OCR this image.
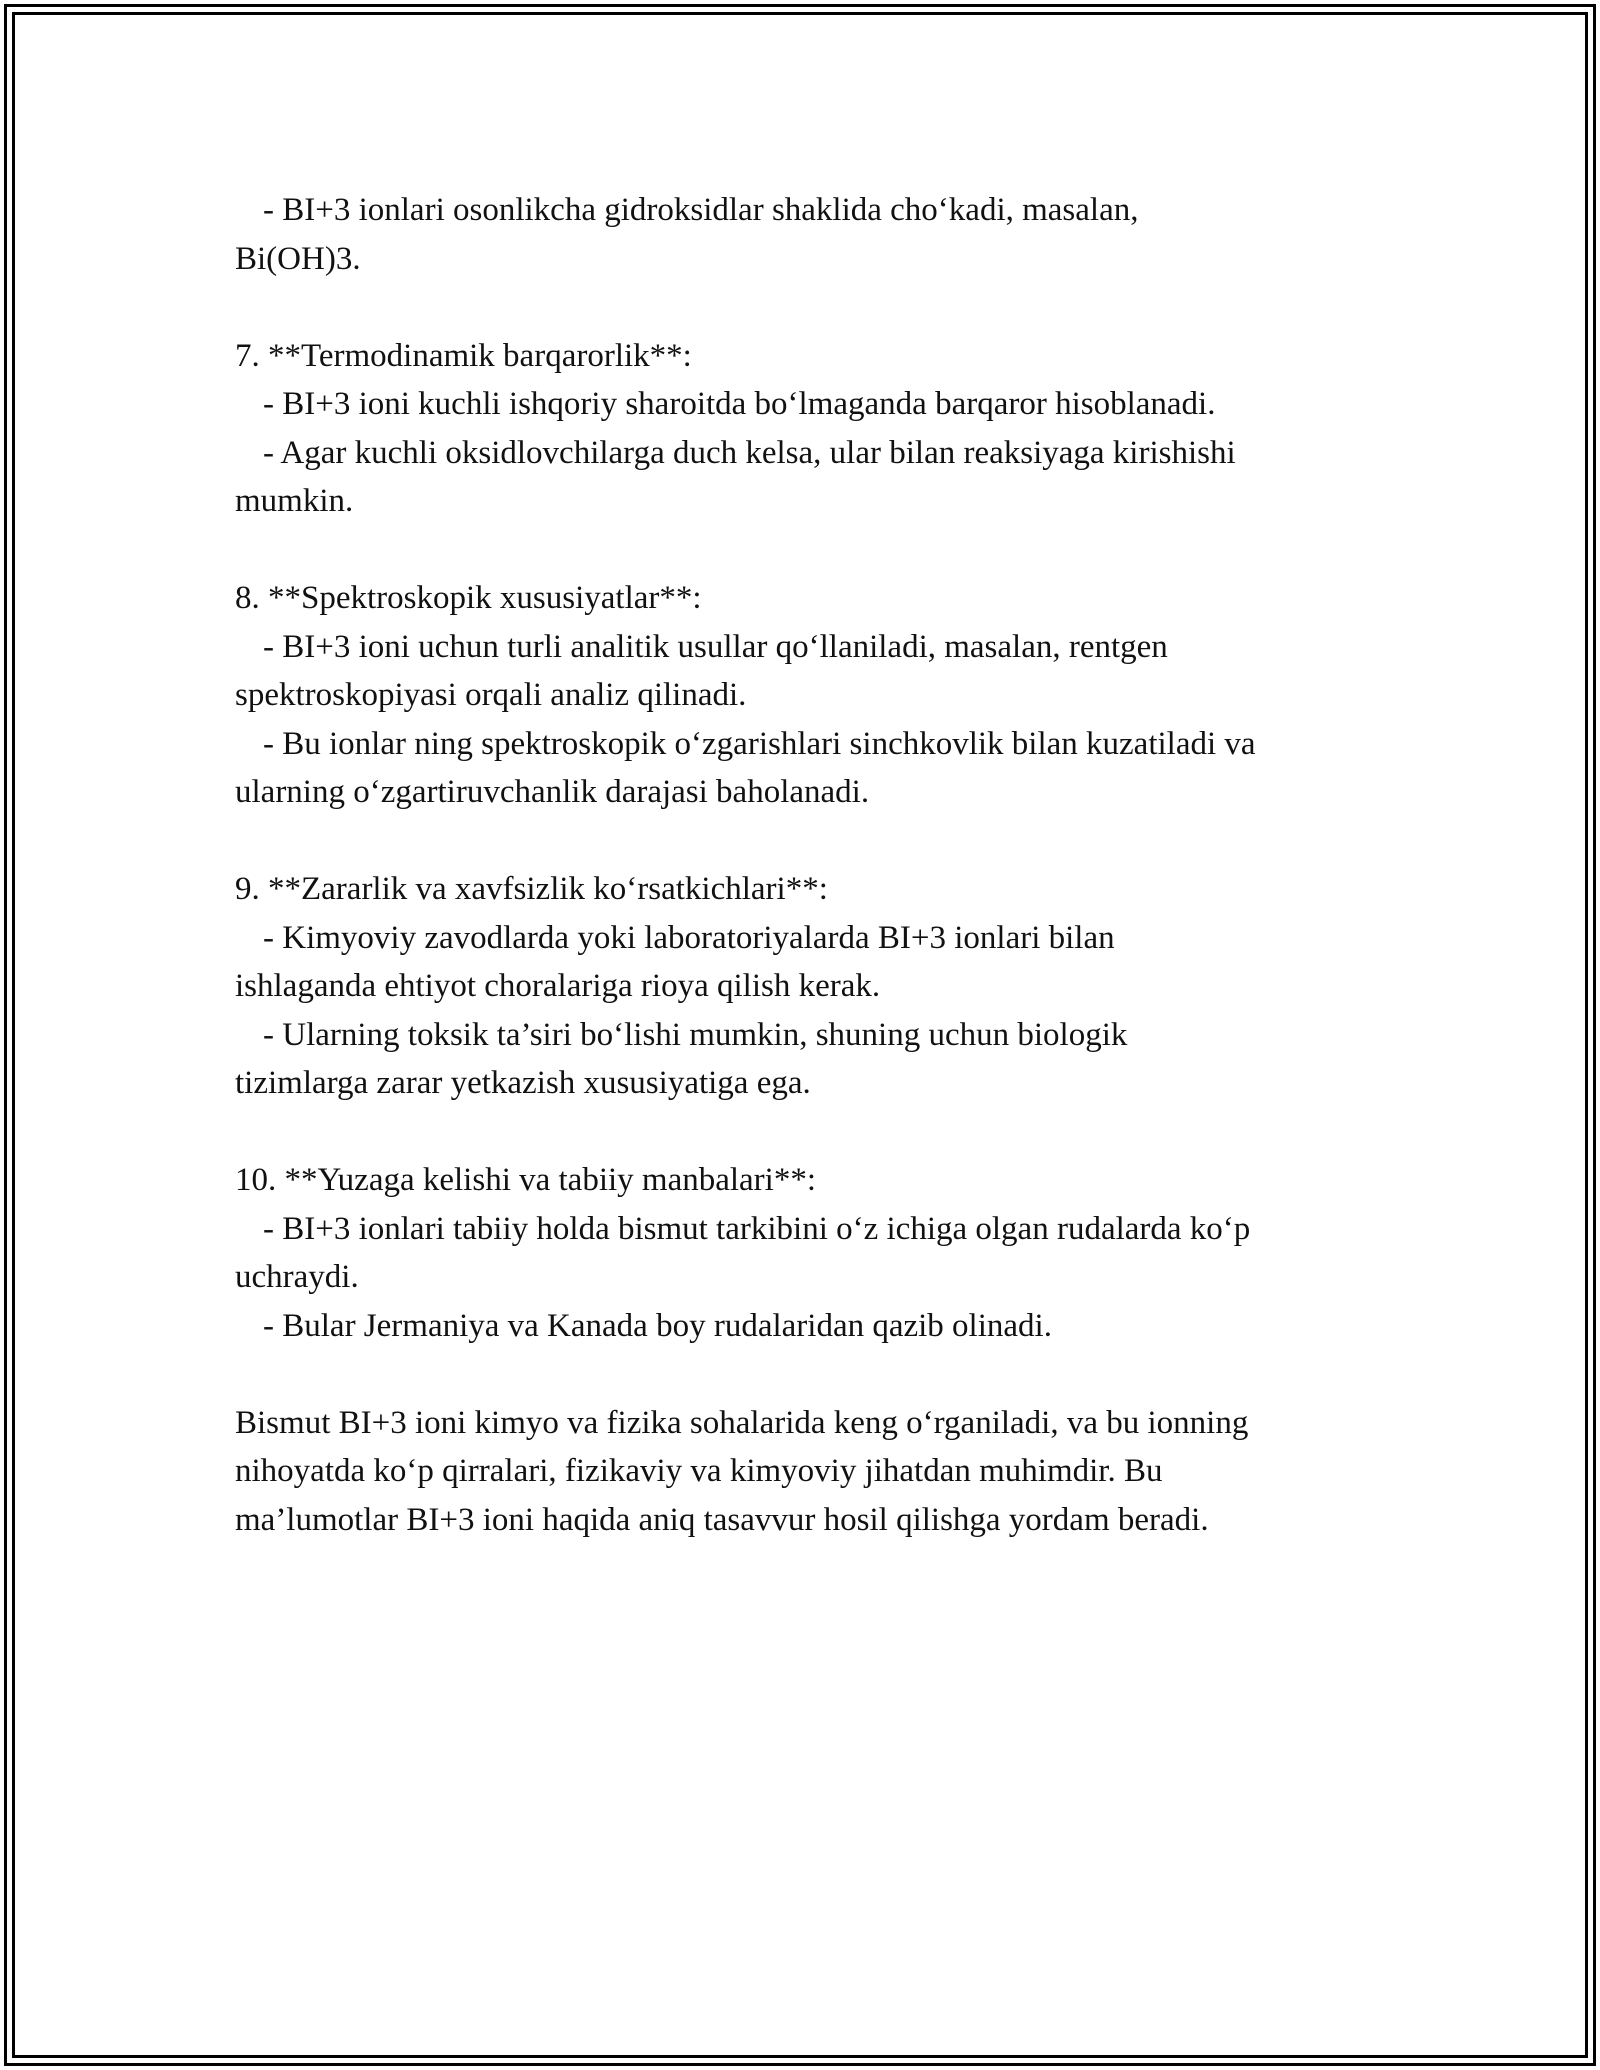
- BI+3 ionlari osonlikcha gidroksidlar shaklida cho‘kadi, masalan,
Bi(OH)3.
7. **Termodinamik barqarorlik**:
- BI+3 ioni kuchli ishqoriy sharoitda bo‘lmaganda barqaror hisoblanadi.
- Agar kuchli oksidlovchilarga duch kelsa, ular bilan reaksiyaga kirishishi
mumkin.
8. **Spektroskopik xususiyatlar**:
- BI+3 ioni uchun turli analitik usullar qo‘llaniladi, masalan, rentgen
spektroskopiyasi orqali analiz qilinadi.
- Bu ionlar ning spektroskopik o‘zgarishlari sinchkovlik bilan kuzatiladi va
ularning o‘zgartiruvchanlik darajasi baholanadi.
9. **Zararlik va xavfsizlik ko‘rsatkichlari**:
- Kimyoviy zavodlarda yoki laboratoriyalarda BI+3 ionlari bilan
ishlaganda ehtiyot choralariga rioya qilish kerak.
- Ularning toksik ta’siri bo‘lishi mumkin, shuning uchun biologik
tizimlarga zarar yetkazish xususiyatiga ega.
10. **Yuzaga kelishi va tabiiy manbalari**:
- BI+3 ionlari tabiiy holda bismut tarkibini o‘z ichiga olgan rudalarda ko‘p
uchraydi.
- Bular Jermaniya va Kanada boy rudalaridan qazib olinadi.
Bismut BI+3 ioni kimyo va fizika sohalarida keng o‘rganiladi, va bu ionning
nihoyatda ko‘p qirralari, fizikaviy va kimyoviy jihatdan muhimdir. Bu
ma’lumotlar BI+3 ioni haqida aniq tasavvur hosil qilishga yordam beradi.
